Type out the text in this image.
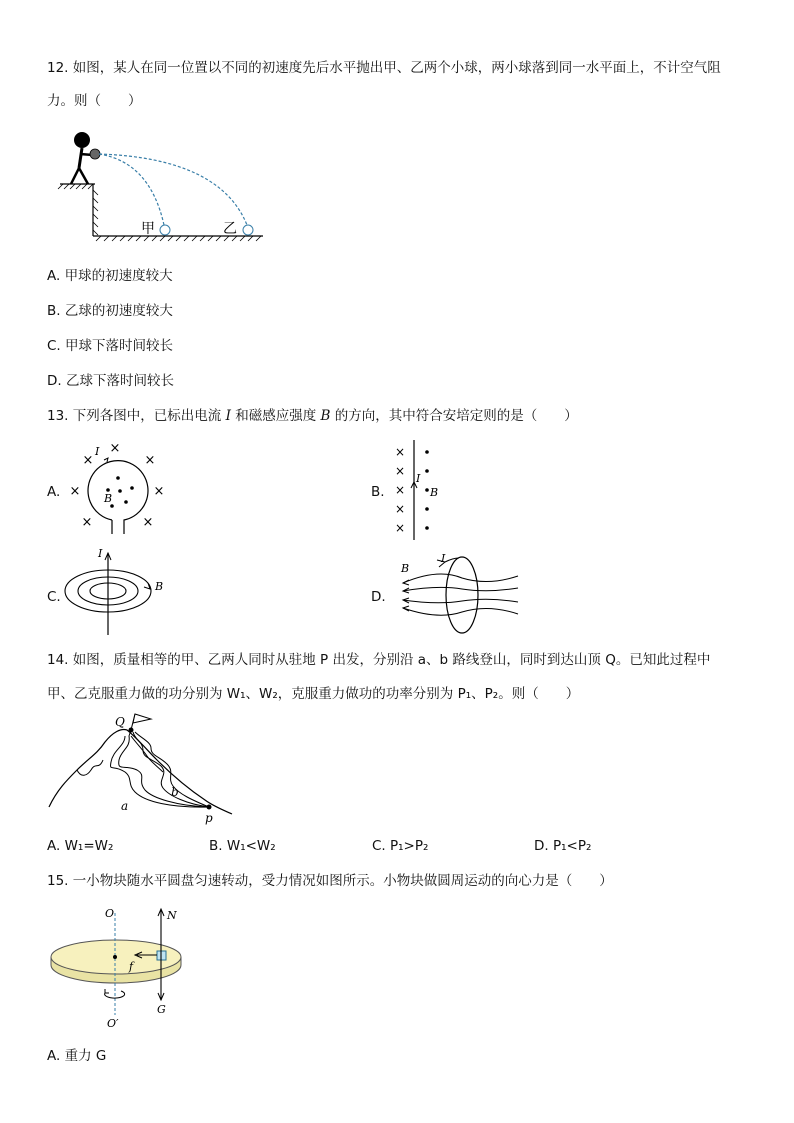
12. 如图，某人在同一位置以不同的初速度先后水平抛出甲、乙两个小球，两小球落到同一水平面上，不计空气阻
力。则（　　）
甲	乙
A. 甲球的初速度较大
B. 乙球的初速度较大
C. 甲球下落时间较长
D. 乙球下落时间较长
13. 下列各图中，已标出电流 I 和磁感应强度 B 的方向，其中符合安培定则的是（　　）
A.
×
×
×
×
×
×
×
I
B	B.
×
×
×
×
×
I
B
C.
I
B
D.
B
I
14. 如图，质量相等的甲、乙两人同时从驻地 P 出发，分别沿 a、b 路线登山，同时到达山顶 Q。已知此过程中
甲、乙克服重力做的功分别为 W₁、W₂，克服重力做功的功率分别为 P₁、P₂。则（　　）
Q
a
b
p
A. W₁=W₂	B. W₁<W₂	C. P₁>P₂	D. P₁<P₂
15. 一小物块随水平圆盘匀速转动，受力情况如图所示。小物块做圆周运动的向心力是（　　）
O
O′
N
f
G
A. 重力 G
